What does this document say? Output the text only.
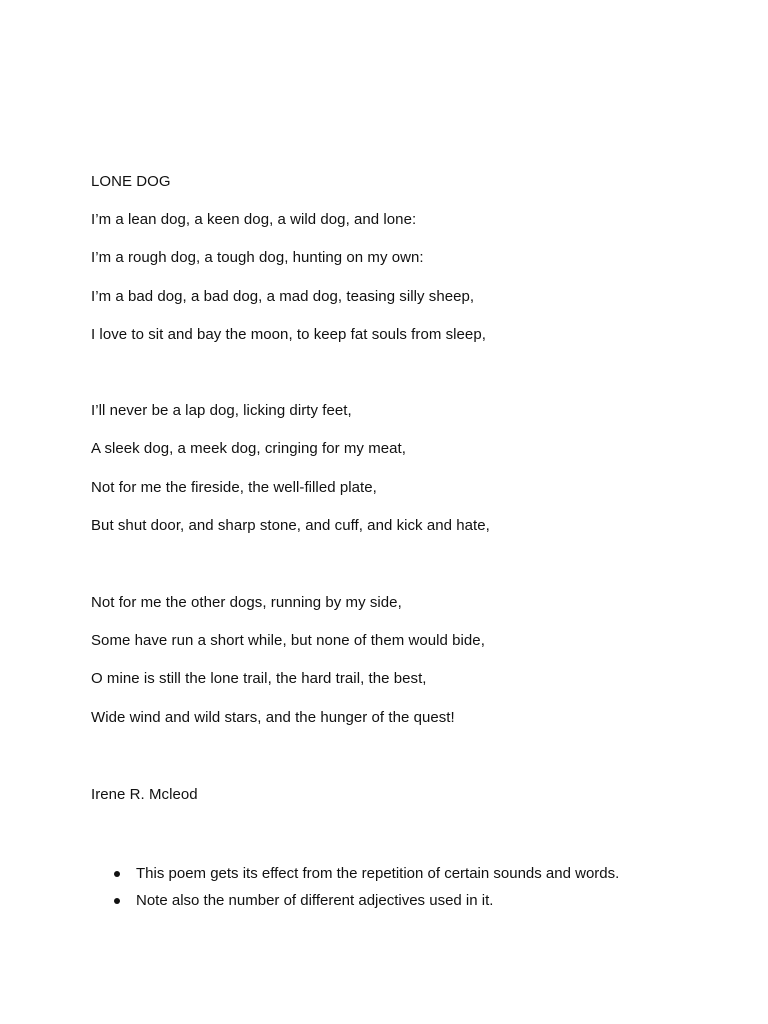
LONE DOG
I’m a lean dog, a keen dog, a wild dog, and lone:
I’m a rough dog, a tough dog, hunting on my own:
I’m a bad dog, a bad dog, a mad dog, teasing silly sheep,
I love to sit and bay the moon, to keep fat souls from sleep,
I’ll never be a lap dog, licking dirty feet,
A sleek dog, a meek dog, cringing for my meat,
Not for me the fireside, the well-filled plate,
But shut door, and sharp stone, and cuff, and kick and hate,
Not for me the other dogs, running by my side,
Some have run a short while, but none of them would bide,
O mine is still the lone trail, the hard trail, the best,
Wide wind and wild stars, and the hunger of the quest!
Irene R. Mcleod
This poem gets its effect from the repetition of certain sounds and words.
Note also the number of different adjectives used in it.
